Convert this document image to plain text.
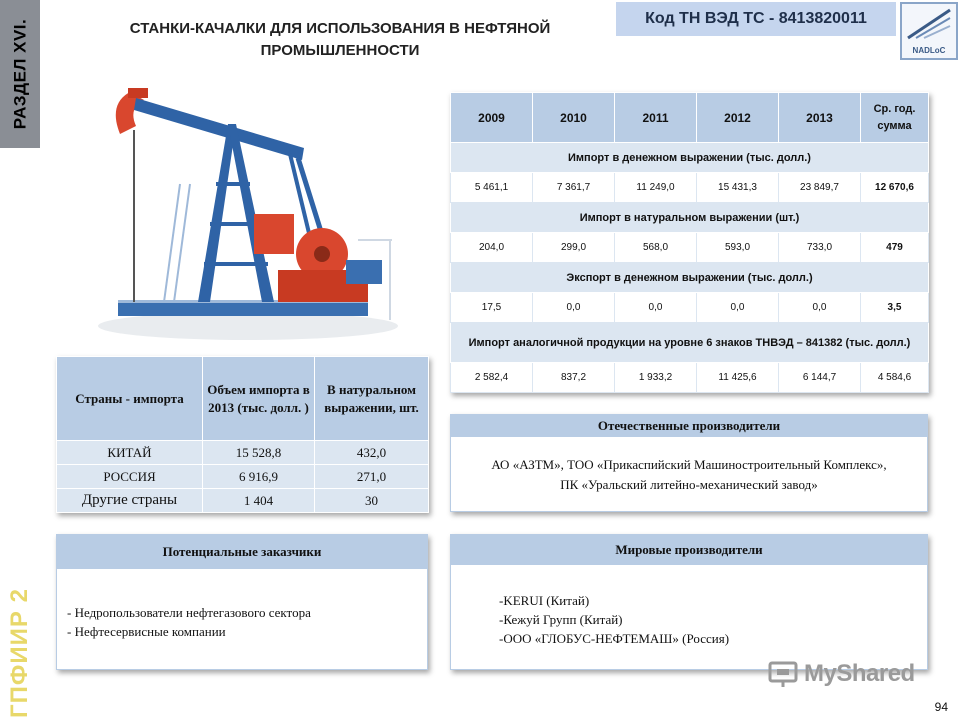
РАЗДЕЛ XVI.	СТАНКИ-КАЧАЛКИ ДЛЯ ИСПОЛЬЗОВАНИЯ В НЕФТЯНОЙ ПРОМЫШЛЕННОСТИ
Код ТН ВЭД ТС - 8413820011
NADLoC
2009	2010	2011	2012	2013	Ср. год. сумма
Импорт в денежном выражении (тыс. долл.)					
5 461,1	7 361,7	11 249,0	15 431,3	23 849,7	12 670,6
Импорт в натуральном выражении (шт.)					
204,0	299,0	568,0	593,0	733,0	479
Экспорт в денежном выражении (тыс. долл.)					
17,5	0,0	0,0	0,0	0,0	3,5
Импорт аналогичной продукции на уровне 6 знаков ТНВЭД – 841382 (тыс. долл.)					
2 582,4	837,2	1 933,2	11 425,6	6 144,7	4 584,6
Страны - импорта	Объем импорта в 2013 (тыс. долл. )	В натуральном выражении, шт.
КИТАЙ	15 528,8	432,0
РОССИЯ	6 916,9	271,0
Другие страны	1 404	30
Отечественные производители
АО «АЗТМ», ТОО «Прикаспийский Машиностроительный Комплекс», ПК «Уральский литейно-механический завод»
Потенциальные заказчики
- Недропользователи нефтегазового сектора
- Нефтесервисные компании
Мировые производители
-KERUI (Китай)
-Кежуй Групп (Китай)
-ООО «ГЛОБУС-НЕФТЕМАШ» (Россия)
MyShared
ГПФИИР 2	94
